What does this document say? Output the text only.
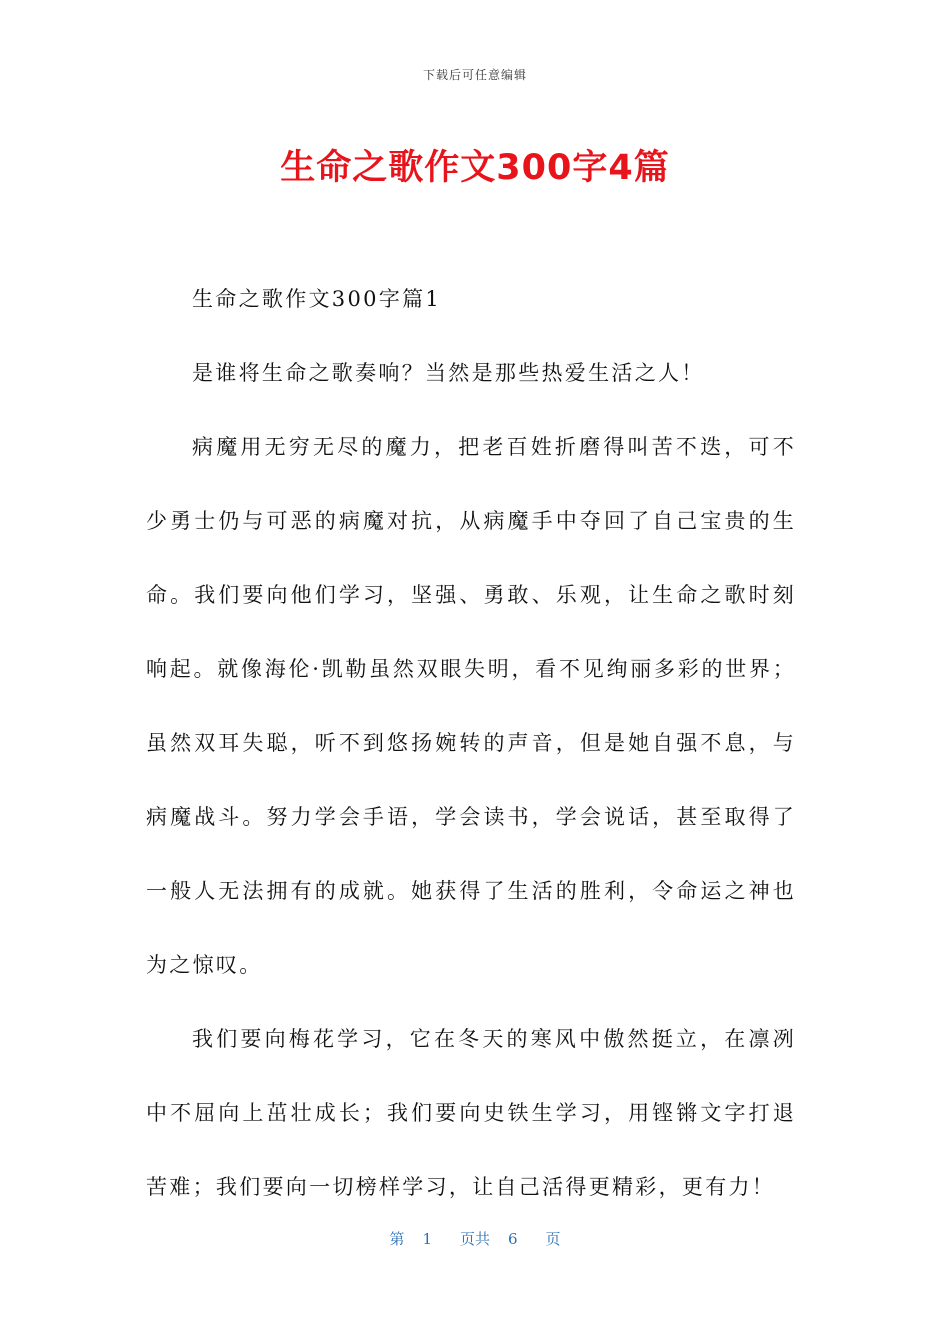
下载后可任意编辑
生命之歌作文300字4篇

生命之歌作文300字篇1

是谁将生命之歌奏响？当然是那些热爱生活之人！

病魔用无穷无尽的魔力，把老百姓折磨得叫苦不迭，可不少勇士仍与可恶的病魔对抗，从病魔手中夺回了自己宝贵的生命。我们要向他们学习，坚强、勇敢、乐观，让生命之歌时刻响起。就像海伦·凯勒虽然双眼失明，看不见绚丽多彩的世界；虽然双耳失聪，听不到悠扬婉转的声音，但是她自强不息，与病魔战斗。努力学会手语，学会读书，学会说话，甚至取得了一般人无法拥有的成就。她获得了生活的胜利，令命运之神也为之惊叹。

我们要向梅花学习，它在冬天的寒风中傲然挺立，在凛冽中不屈向上茁壮成长；我们要向史铁生学习，用铿锵文字打退苦难；我们要向一切榜样学习，让自己活得更精彩，更有力！

第 1 页共 6 页
